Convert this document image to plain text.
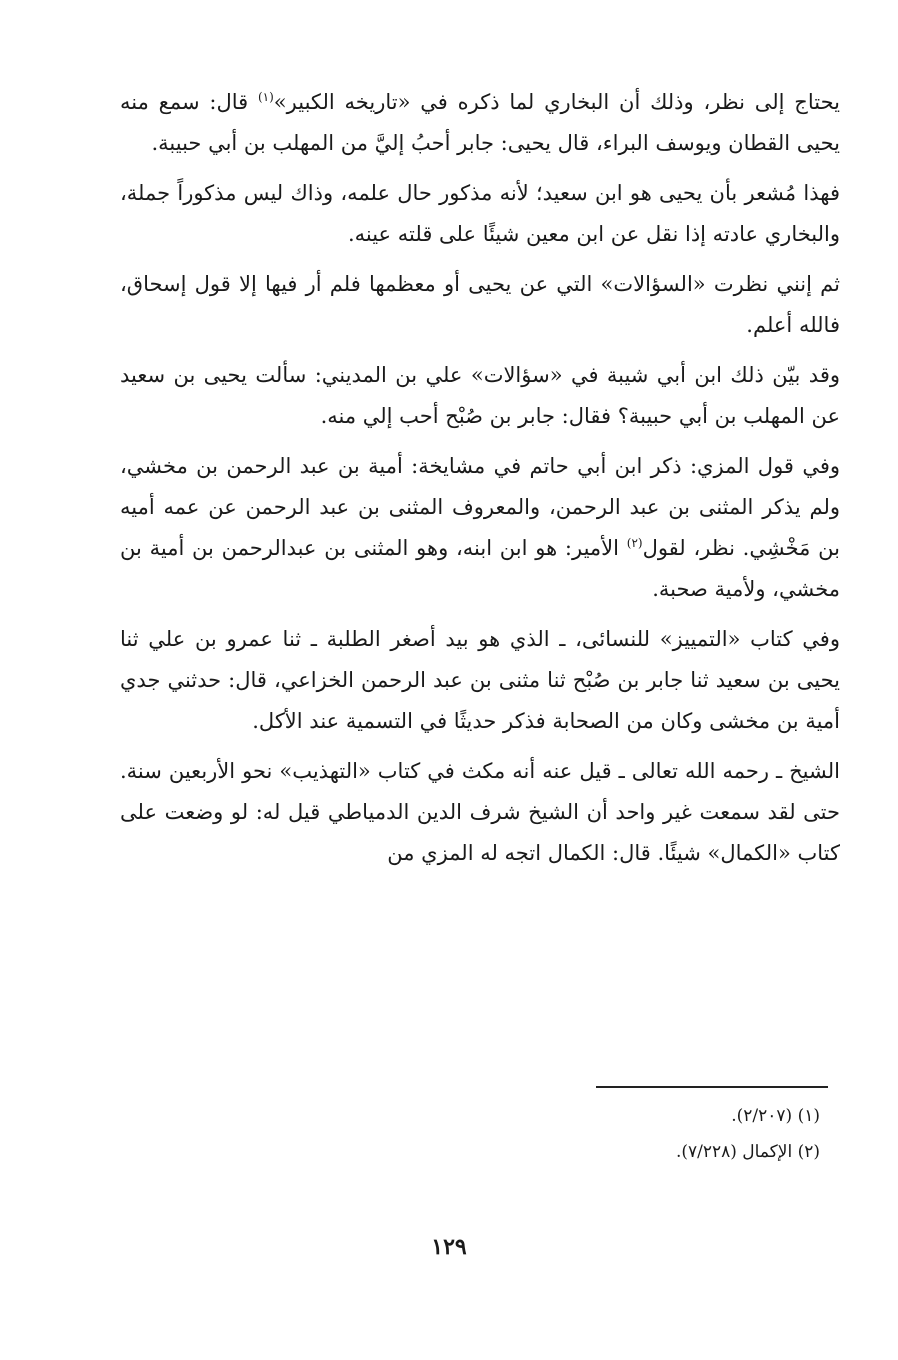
يحتاج إلى نظر، وذلك أن البخاري لما ذكره في «تاريخه الكبير»$^{(١)}$ قال: سمع منه يحيى القطان ويوسف البراء، قال يحيى: جابر أحبُ إليَّ من المهلب بن أبي حبيبة.

فهذا مُشعر بأن يحيى هو ابن سعيد؛ لأنه مذكور حال علمه، وذاك ليس مذكوراً جملة، والبخاري عادته إذا نقل عن ابن معين شيئًا على قلته عينه.

ثم إنني نظرت «السؤالات» التي عن يحيى أو معظمها فلم أر فيها إلا قول إسحاق، فالله أعلم.

وقد بيّن ذلك ابن أبي شيبة في «سؤالات» علي بن المديني: سألت يحيى بن سعيد عن المهلب بن أبي حبيبة؟ فقال: جابر بن صُبْح أحب إلي منه.

وفي قول المزي: ذكر ابن أبي حاتم في مشايخة: أمية بن عبد الرحمن بن مخشي، ولم يذكر المثنى بن عبد الرحمن، والمعروف المثنى بن عبد الرحمن عن عمه أميه بن مَخْشِي. نظر، لقول$^{(٢)}$ الأمير: هو ابن ابنه، وهو المثنى بن عبدالرحمن بن أمية بن مخشي، ولأمية صحبة.

وفي كتاب «التمييز» للنسائى، ـ الذي هو بيد أصغر الطلبة ـ ثنا عمرو بن علي ثنا يحيى بن سعيد ثنا جابر بن صُبْح ثنا مثنى بن عبد الرحمن الخزاعي، قال: حدثني جدي أمية بن مخشى وكان من الصحابة فذكر حديثًا في التسمية عند الأكل.

الشيخ ـ رحمه الله تعالى ـ قيل عنه أنه مكث في كتاب «التهذيب» نحو الأربعين سنة. حتى لقد سمعت غير واحد أن الشيخ شرف الدين الدمياطي قيل له: لو وضعت على كتاب «الكمال» شيئًا. قال: الكمال اتجه له المزي من

(١) (٢/٢٠٧).

(٢) الإكمال (٧/٢٢٨).

١٢٩
